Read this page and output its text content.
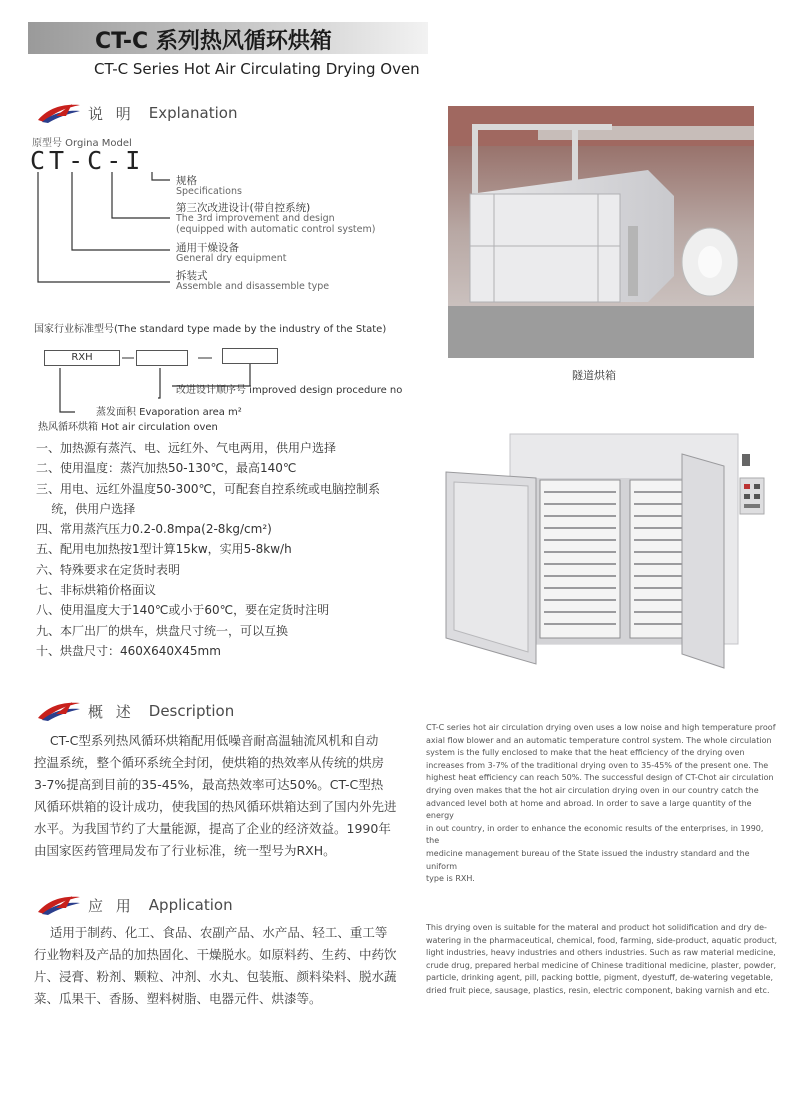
CT-C 系列热风循环烘箱
CT-C Series Hot Air Circulating Drying Oven
说 明 Explanation
原型号 Orgina Model
CT-C-I
规格
Specifications
第三次改进设计(带自控系统)
The 3rd improvement and design
(equipped with automatic control system)
通用干燥设备
General dry equipment
拆装式
Assemble and disassemble type
国家行业标准型号(The standard type made by the industry of the State)
RXH
改进设计顺序号 improved design procedure no
蒸发面积 Evaporation area m²
热风循环烘箱 Hot air circulation oven
一、加热源有蒸汽、电、远红外、气电两用，供用户选择
二、使用温度：蒸汽加热50-130℃，最高140℃
三、用电、远红外温度50-300℃，可配套自控系统或电脑控制系
统，供用户选择
四、常用蒸汽压力0.2-0.8mpa(2-8kg/cm²)
五、配用电加热按1型计算15kw，实用5-8kw/h
六、特殊要求在定货时表明
七、非标烘箱价格面议
八、使用温度大于140℃或小于60℃，要在定货时注明
九、本厂出厂的烘车，烘盘尺寸统一，可以互换
十、烘盘尺寸：460X640X45mm
隧道烘箱
概 述 Description
CT-C型系列热风循环烘箱配用低噪音耐高温轴流风机和自动
控温系统，整个循环系统全封闭，使烘箱的热效率从传统的烘房
3-7%提高到目前的35-45%，最高热效率可达50%。CT-C型热
风循环烘箱的设计成功，使我国的热风循环烘箱达到了国内外先进
水平。为我国节约了大量能源，提高了企业的经济效益。1990年
由国家医药管理局发布了行业标准，统一型号为RXH。
CT-C series hot air circulation drying oven uses a low noise and high temperature proof
axial flow blower and an automatic temperature control system. The whole circulation
system is the fully enclosed to make that the heat efficiency of the drying oven
increases from 3-7% of the traditional drying oven to 35-45% of the present one. The
highest heat efficiency can reach 50%. The successful design of CT-Chot air circulation
drying oven makes that the hot air circulation drying oven in our country catch the
advanced level both at home and abroad. In order to save a large quantity of the energy
in out country, in order to enhance the economic results of the enterprises, in 1990, the
medicine management bureau of the State issued the industry standard and the uniform
type is RXH.
应 用 Application
适用于制药、化工、食品、农副产品、水产品、轻工、重工等
行业物料及产品的加热固化、干燥脱水。如原料药、生药、中药饮
片、浸膏、粉剂、颗粒、冲剂、水丸、包装瓶、颜料染料、脱水蔬
菜、瓜果干、香肠、塑料树脂、电器元件、烘漆等。
This drying oven is suitable for the materal and product hot solidification and dry de-
watering in the pharmaceutical, chemical, food, farming, side-product, aquatic product,
light industries, heavy industries and others industries. Such as raw material medicine,
crude drug, prepared herbal medicine of Chinese traditional medicine, plaster, powder,
particle, drinking agent, pill, packing bottle, pigment, dyestuff, de-watering vegetable,
dried fruit piece, sausage, plastics, resin, electric component, baking varnish and etc.
